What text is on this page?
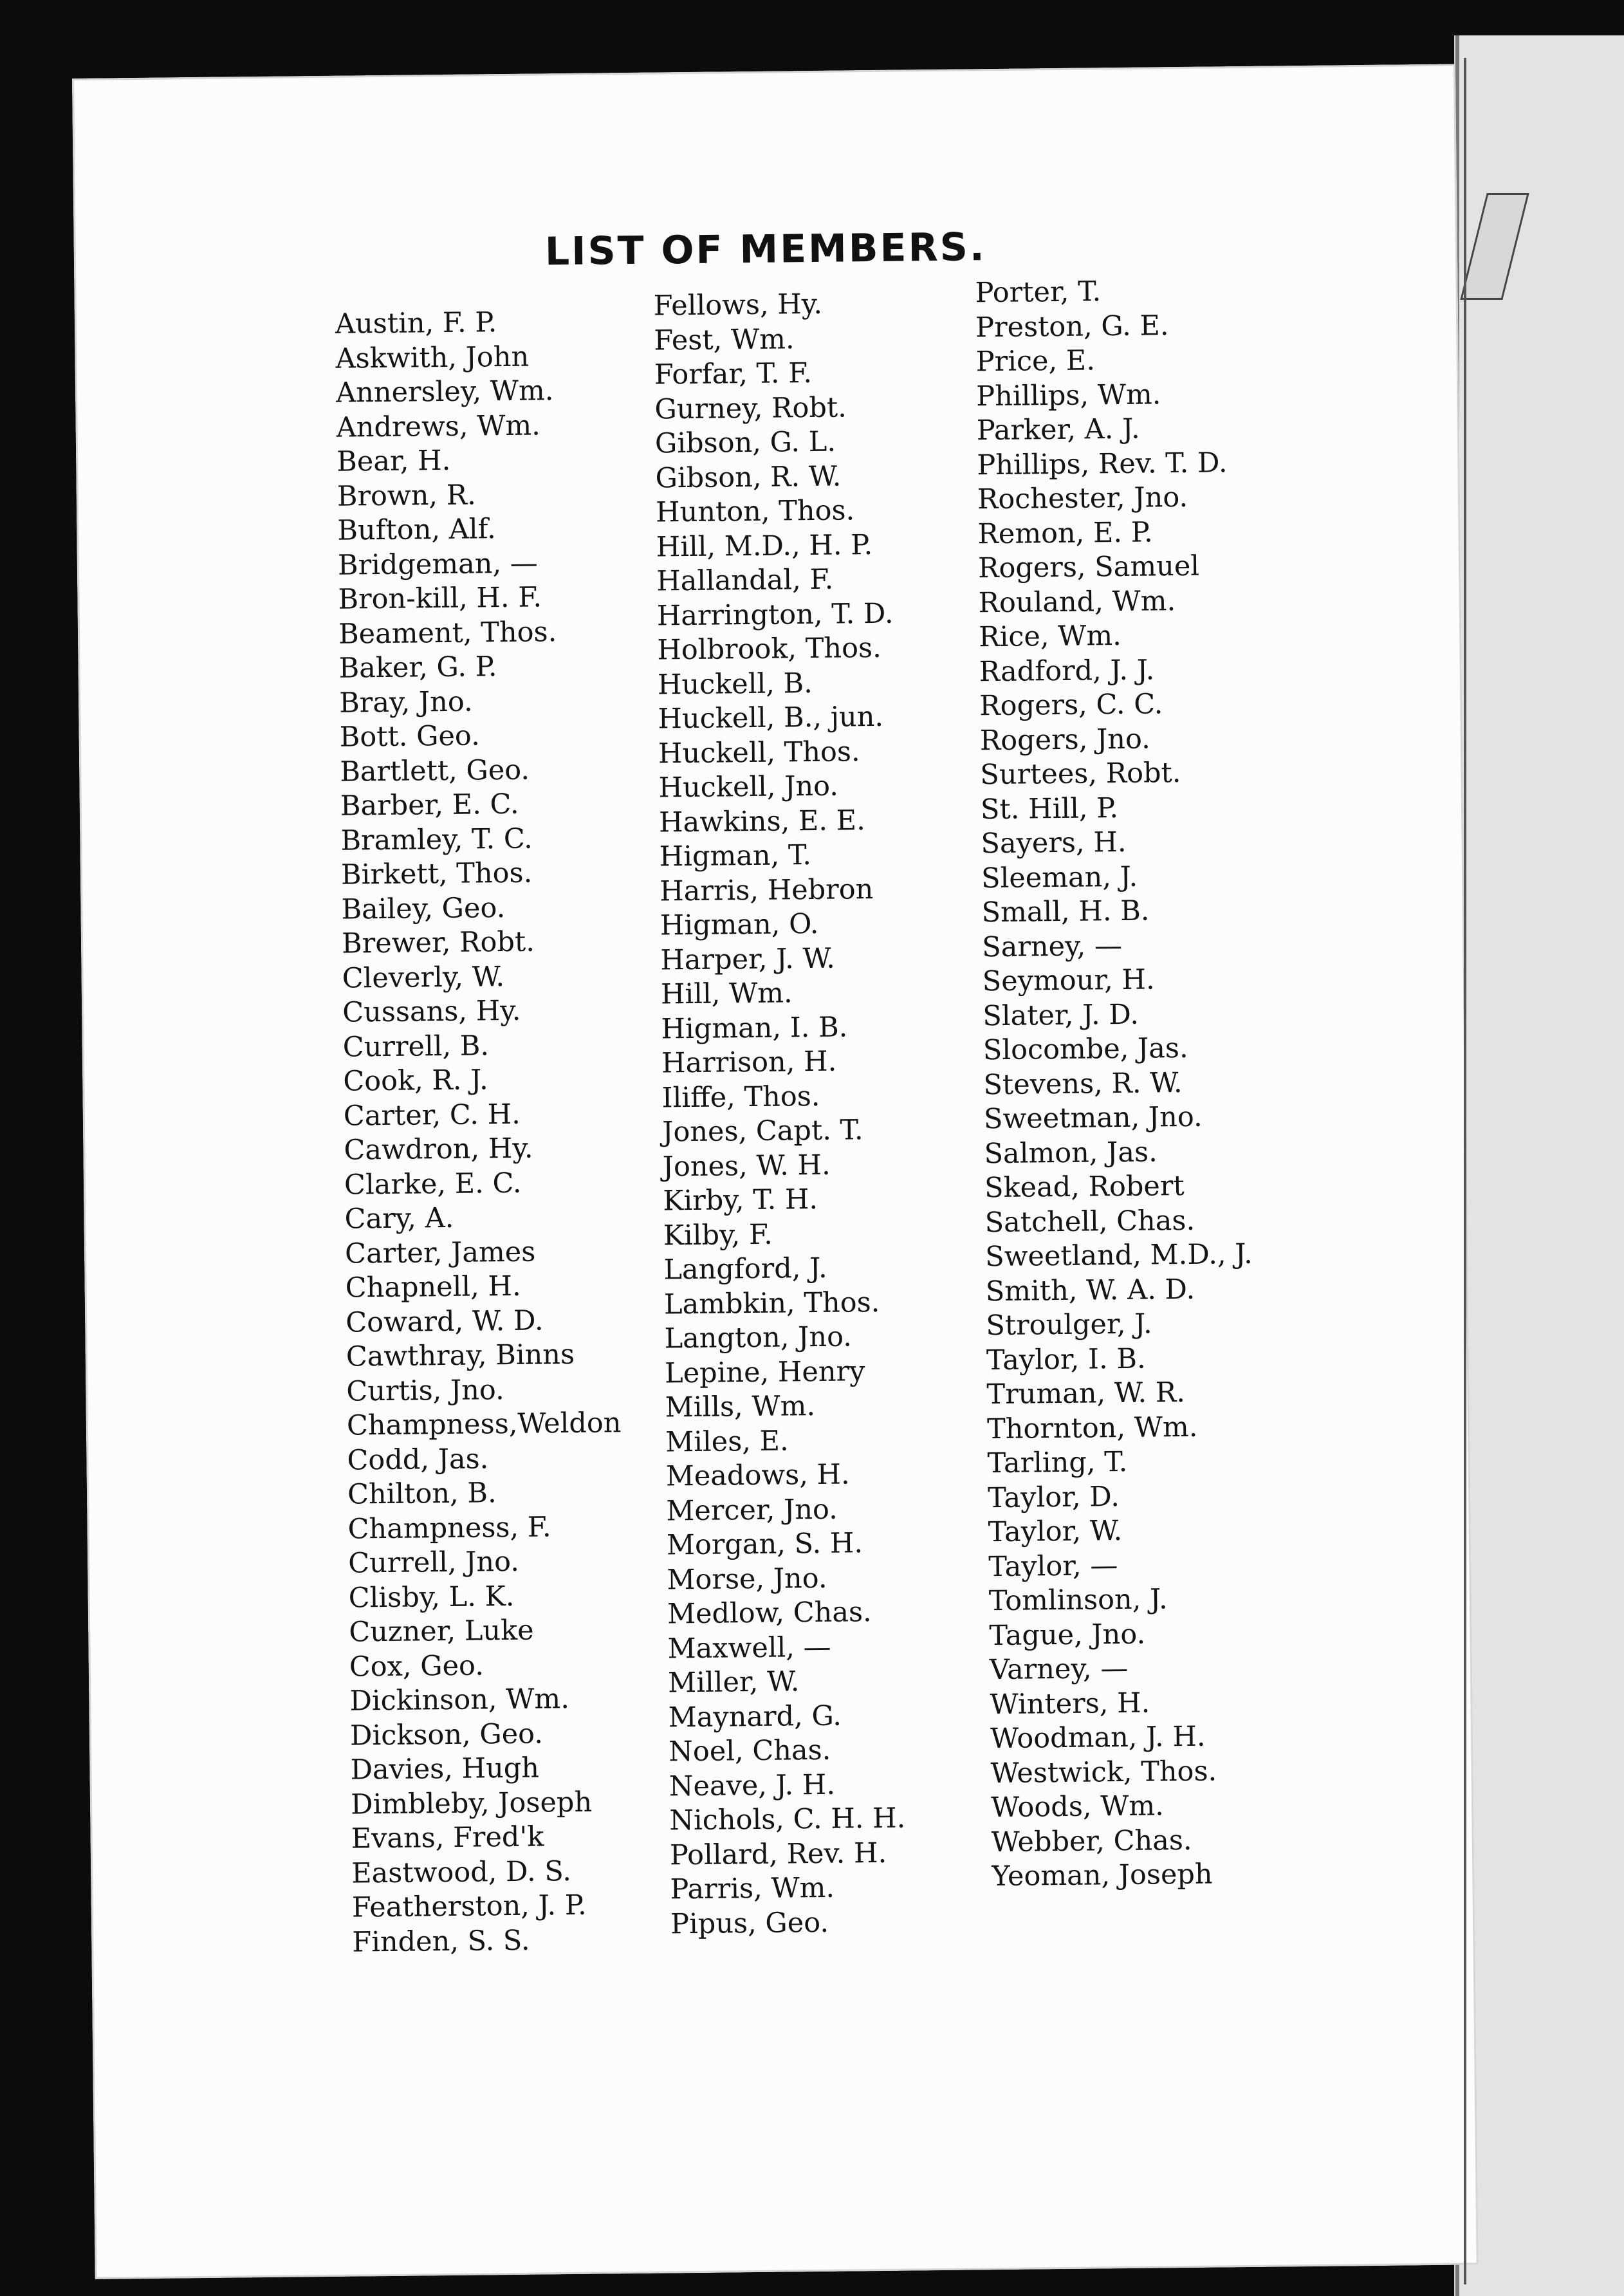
LIST OF MEMBERS.
Austin, F. P.
Askwith, John
Annersley, Wm.
Andrews, Wm.
Bear, H.
Brown, R.
Bufton, Alf.
Bridgeman, —
Bron-kill, H. F.
Beament, Thos.
Baker, G. P.
Bray, Jno.
Bott. Geo.
Bartlett, Geo.
Barber, E. C.
Bramley, T. C.
Birkett, Thos.
Bailey, Geo.
Brewer, Robt.
Cleverly, W.
Cussans, Hy.
Currell, B.
Cook, R. J.
Carter, C. H.
Cawdron, Hy.
Clarke, E. C.
Cary, A.
Carter, James
Chapnell, H.
Coward, W. D.
Cawthray, Binns
Curtis, Jno.
Champness,Weldon
Codd, Jas.
Chilton, B.
Champness, F.
Currell, Jno.
Clisby, L. K.
Cuzner, Luke
Cox, Geo.
Dickinson, Wm.
Dickson, Geo.
Davies, Hugh
Dimbleby, Joseph
Evans, Fred'k
Eastwood, D. S.
Featherston, J. P.
Finden, S. S.
Fellows, Hy.
Fest, Wm.
Forfar, T. F.
Gurney, Robt.
Gibson, G. L.
Gibson, R. W.
Hunton, Thos.
Hill, M.D., H. P.
Hallandal, F.
Harrington, T. D.
Holbrook, Thos.
Huckell, B.
Huckell, B., jun.
Huckell, Thos.
Huckell, Jno.
Hawkins, E. E.
Higman, T.
Harris, Hebron
Higman, O.
Harper, J. W.
Hill, Wm.
Higman, I. B.
Harrison, H.
Iliffe, Thos.
Jones, Capt. T.
Jones, W. H.
Kirby, T. H.
Kilby, F.
Langford, J.
Lambkin, Thos.
Langton, Jno.
Lepine, Henry
Mills, Wm.
Miles, E.
Meadows, H.
Mercer, Jno.
Morgan, S. H.
Morse, Jno.
Medlow, Chas.
Maxwell, —
Miller, W.
Maynard, G.
Noel, Chas.
Neave, J. H.
Nichols, C. H. H.
Pollard, Rev. H.
Parris, Wm.
Pipus, Geo.
Porter, T.
Preston, G. E.
Price, E.
Phillips, Wm.
Parker, A. J.
Phillips, Rev. T. D.
Rochester, Jno.
Remon, E. P.
Rogers, Samuel
Rouland, Wm.
Rice, Wm.
Radford, J. J.
Rogers, C. C.
Rogers, Jno.
Surtees, Robt.
St. Hill, P.
Sayers, H.
Sleeman, J.
Small, H. B.
Sarney, —
Seymour, H.
Slater, J. D.
Slocombe, Jas.
Stevens, R. W.
Sweetman, Jno.
Salmon, Jas.
Skead, Robert
Satchell, Chas.
Sweetland, M.D., J.
Smith, W. A. D.
Stroulger, J.
Taylor, I. B.
Truman, W. R.
Thornton, Wm.
Tarling, T.
Taylor, D.
Taylor, W.
Taylor, —
Tomlinson, J.
Tague, Jno.
Varney, —
Winters, H.
Woodman, J. H.
Westwick, Thos.
Woods, Wm.
Webber, Chas.
Yeoman, Joseph
